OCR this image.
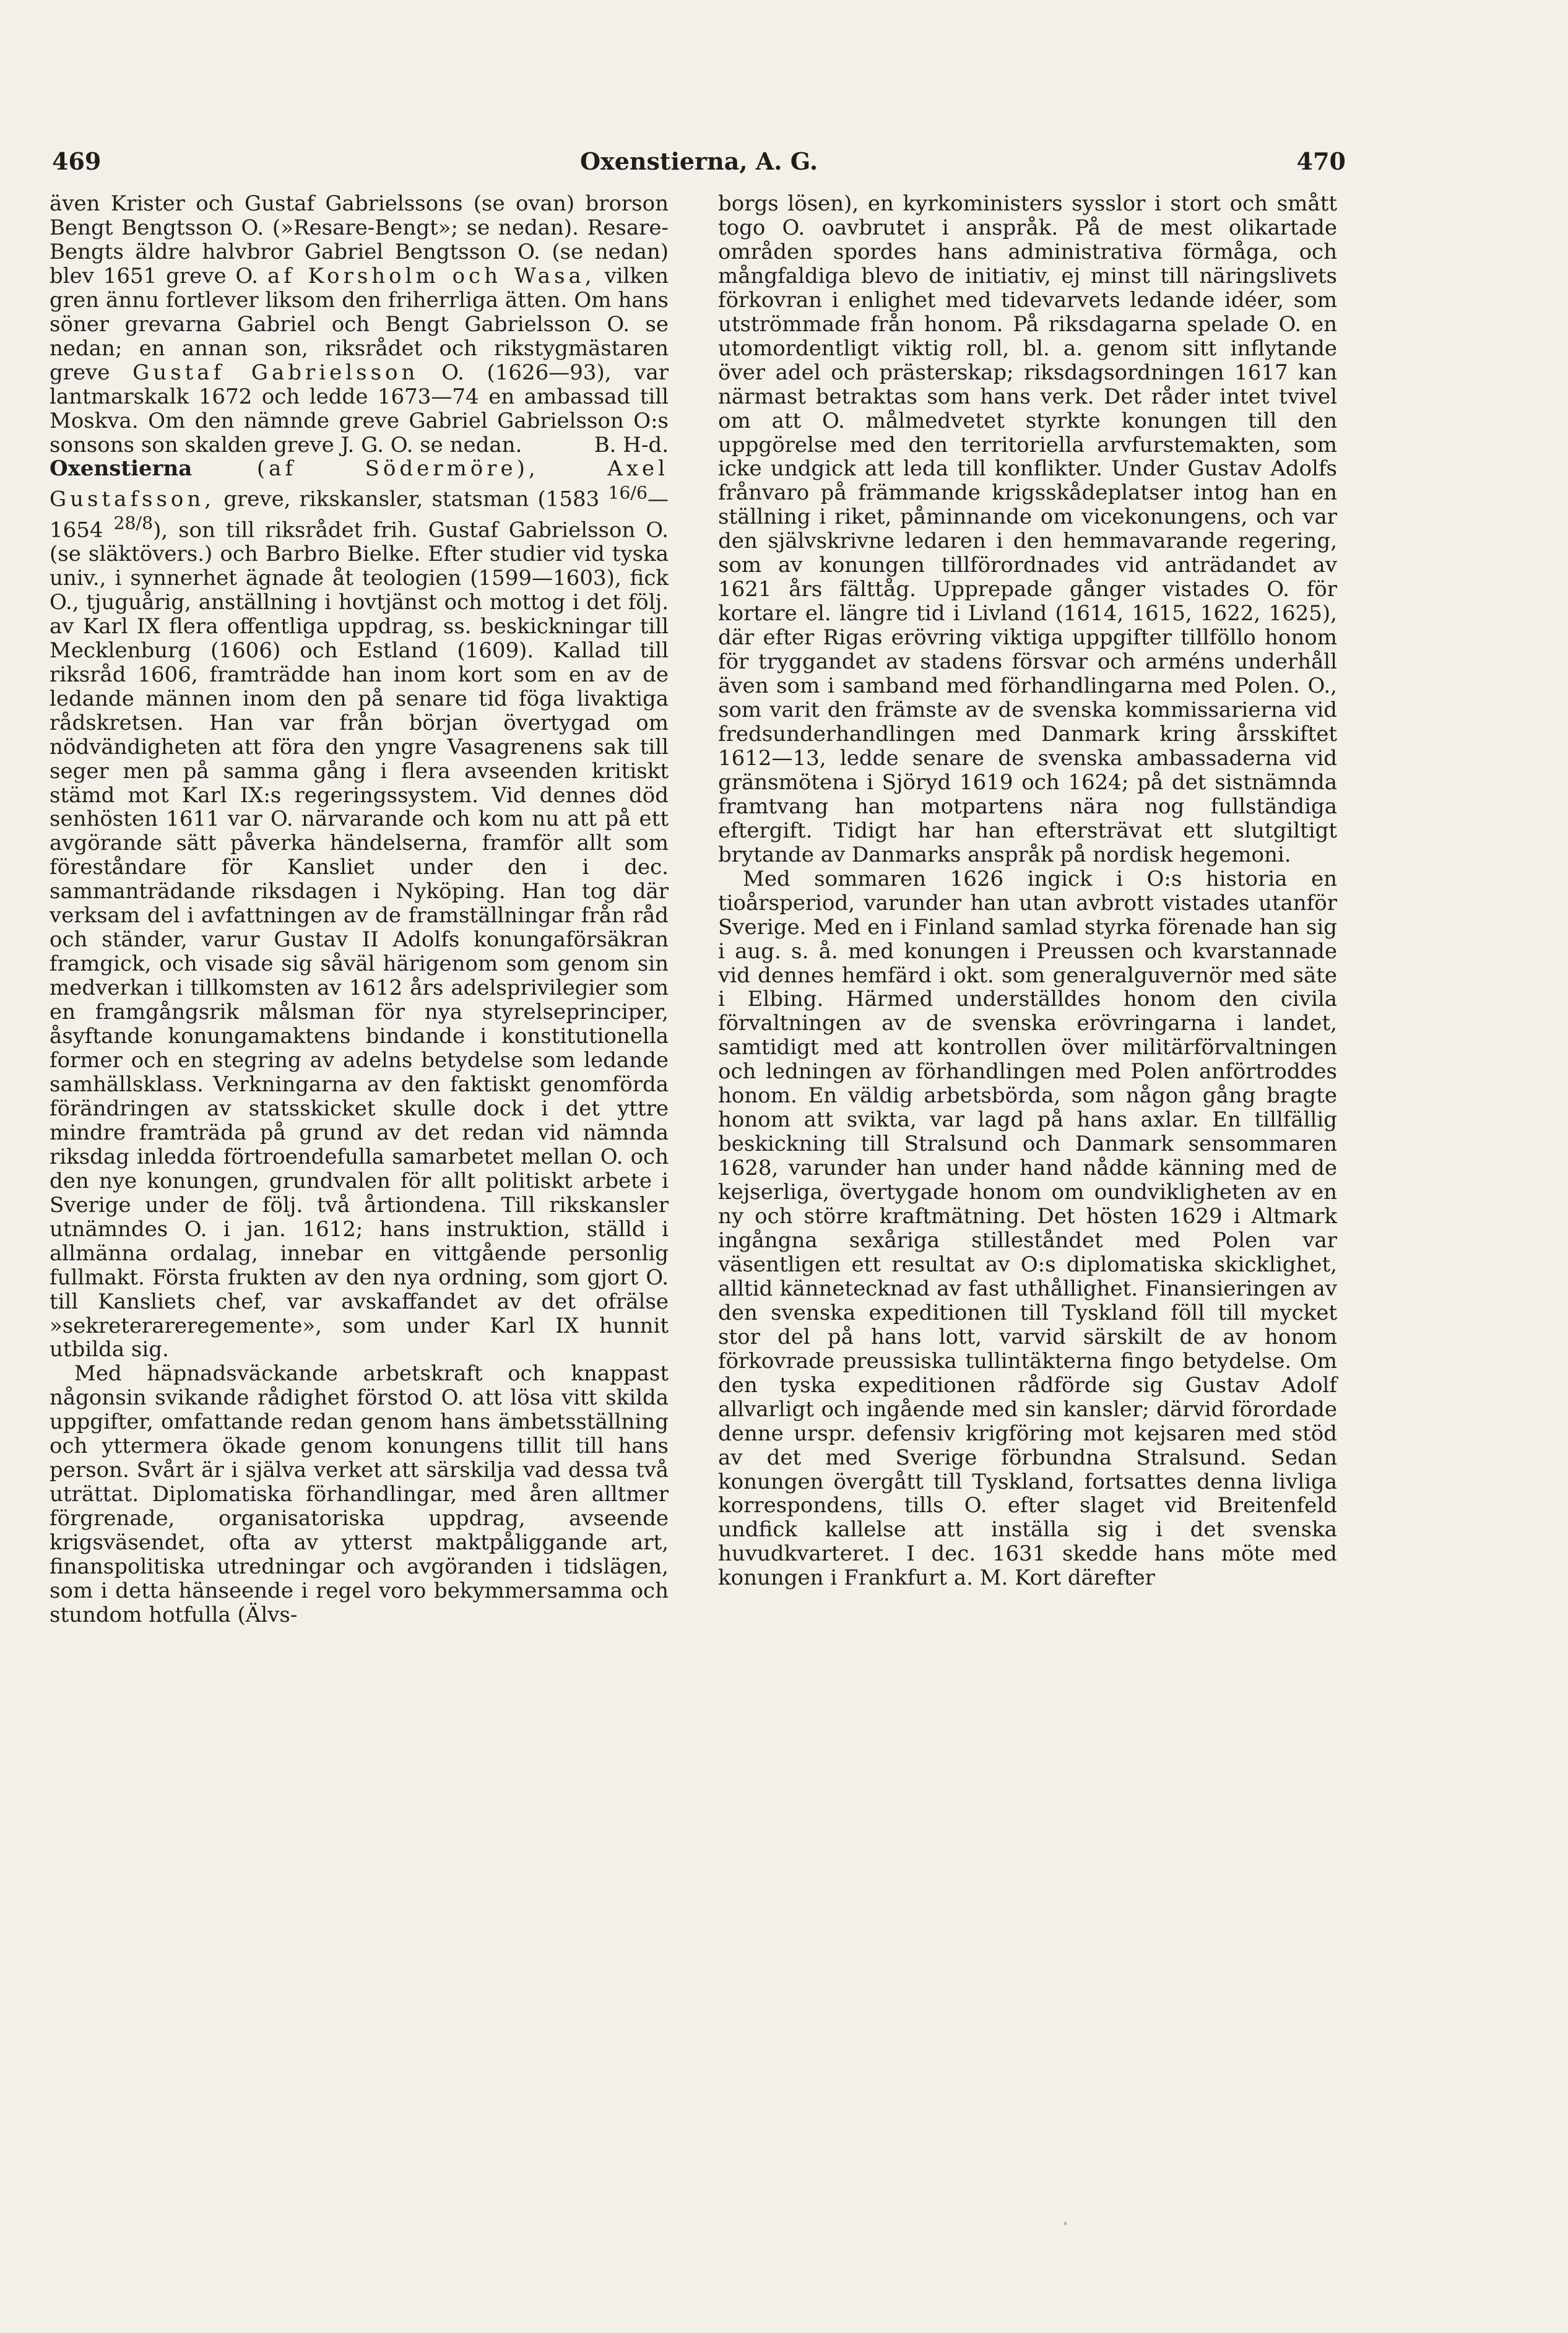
469	Oxenstierna, A. G.	470

även Krister och Gustaf Gabrielssons (se ovan) brorson Bengt Bengtsson O. (»Resare-Bengt»; se nedan). Resare-Bengts äldre halvbror Gabriel Bengtsson O. (se nedan) blev 1651 greve O. af Korsholm och Wasa, vilken gren ännu fortlever liksom den friherrliga ätten. Om hans söner grevarna Gabriel och Bengt Gabrielsson O. se nedan; en annan son, riksrådet och rikstygmästaren greve Gustaf Gabrielsson O. (1626—93), var lantmarskalk 1672 och ledde 1673—74 en ambassad till Moskva. Om den nämnde greve Gabriel Gabrielsson O:s sonsons son skalden greve J. G. O. se nedan.	B. H-d.

Oxenstierna	(af Södermöre), Axel Gustafsson, greve, rikskansler, statsman (1583 $^{16/6}$—1654 $^{28/8}$), son till riksrådet frih. Gustaf Gabrielsson O. (se släktövers.) och Barbro Bielke. Efter studier vid tyska univ., i synnerhet ägnade åt teologien (1599—1603), fick O., tjuguårig, anställning i hovtjänst och mottog i det följ. av Karl IX flera offentliga uppdrag, ss. beskickningar till Mecklenburg (1606) och Estland (1609). Kallad till riksråd 1606, framträdde han inom kort som en av de ledande männen inom den på senare tid föga livaktiga rådskretsen. Han var från början övertygad om nödvändigheten att föra den yngre Vasagrenens sak till seger men på samma gång i flera avseenden kritiskt stämd mot Karl IX:s regeringssystem. Vid dennes död senhösten 1611 var O. närvarande och kom nu att på ett avgörande sätt påverka händelserna, framför allt som föreståndare för Kansliet under den i dec. sammanträdande riksdagen i Nyköping. Han tog där verksam del i avfattningen av de framställningar från råd och ständer, varur Gustav II Adolfs konungaförsäkran framgick, och visade sig såväl härigenom som genom sin medverkan i tillkomsten av 1612 års adelsprivilegier som en framgångsrik målsman för nya styrelseprinciper, åsyftande konungamaktens bindande i konstitutionella former och en stegring av adelns betydelse som ledande samhällsklass. Verkningarna av den faktiskt genomförda förändringen av statsskicket skulle dock i det yttre mindre framträda på grund av det redan vid nämnda riksdag inledda förtroendefulla samarbetet mellan O. och den nye konungen, grundvalen för allt politiskt arbete i Sverige under de följ. två årtiondena. Till rikskansler utnämndes O. i jan. 1612; hans instruktion, ställd i allmänna ordalag, innebar en vittgående personlig fullmakt. Första frukten av den nya ordning, som gjort O. till Kansliets chef, var avskaffandet av det ofrälse »sekreterareregemente», som under Karl IX hunnit utbilda sig.

Med häpnadsväckande arbetskraft och knappast någonsin svikande rådighet förstod O. att lösa vitt skilda uppgifter, omfattande redan genom hans ämbetsställning och yttermera ökade genom konungens tillit till hans person. Svårt är i själva verket att särskilja vad dessa två uträttat. Diplomatiska förhandlingar, med åren alltmer förgrenade, organisatoriska uppdrag, avseende krigsväsendet, ofta av ytterst maktpåliggande art, finanspolitiska utredningar och avgöranden i tidslägen, som i detta hänseende i regel voro bekymmersamma och stundom hotfulla (Älvs-

borgs lösen), en kyrkoministers sysslor i stort och smått togo O. oavbrutet i anspråk. På de mest olikartade områden spordes hans administrativa förmåga, och mångfaldiga blevo de initiativ, ej minst till näringslivets förkovran i enlighet med tidevarvets ledande idéer, som utströmmade från honom. På riksdagarna spelade O. en utomordentligt viktig roll, bl. a. genom sitt inflytande över adel och prästerskap; riksdagsordningen 1617 kan närmast betraktas som hans verk. Det råder intet tvivel om att O. målmedvetet styrkte konungen till den uppgörelse med den territoriella arvfurstemakten, som icke undgick att leda till konflikter. Under Gustav Adolfs frånvaro på främmande krigsskådeplatser intog han en ställning i riket, påminnande om vicekonungens, och var den självskrivne ledaren i den hemmavarande regering, som av konungen tillförordnades vid anträdandet av 1621 års fälttåg. Upprepade gånger vistades O. för kortare el. längre tid i Livland (1614, 1615, 1622, 1625), där efter Rigas erövring viktiga uppgifter tillföllo honom för tryggandet av stadens försvar och arméns underhåll även som i samband med förhandlingarna med Polen. O., som varit den främste av de svenska kommissarierna vid fredsunderhandlingen med Danmark kring årsskiftet 1612—13, ledde senare de svenska ambassaderna vid gränsmötena i Sjöryd 1619 och 1624; på det sistnämnda framtvang han motpartens nära nog fullständiga eftergift. Tidigt har han eftersträvat ett slutgiltigt brytande av Danmarks anspråk på nordisk hegemoni.

Med sommaren 1626 ingick i O:s historia en tioårsperiod, varunder han utan avbrott vistades utanför Sverige. Med en i Finland samlad styrka förenade han sig i aug. s. å. med konungen i Preussen och kvarstannade vid dennes hemfärd i okt. som generalguvernör med säte i Elbing. Härmed underställdes honom den civila förvaltningen av de svenska erövringarna i landet, samtidigt med att kontrollen över militärförvaltningen och ledningen av förhandlingen med Polen anförtroddes honom. En väldig arbetsbörda, som någon gång bragte honom att svikta, var lagd på hans axlar. En tillfällig beskickning till Stralsund och Danmark sensommaren 1628, varunder han under hand nådde känning med de kejserliga, övertygade honom om oundvikligheten av en ny och större kraftmätning. Det hösten 1629 i Altmark ingångna sexåriga stilleståndet med Polen var väsentligen ett resultat av O:s diplomatiska skicklighet, alltid kännetecknad av fast uthållighet. Finansieringen av den svenska expeditionen till Tyskland föll till mycket stor del på hans lott, varvid särskilt de av honom förkovrade preussiska tullintäkterna fingo betydelse. Om den tyska expeditionen rådförde sig Gustav Adolf allvarligt och ingående med sin kansler; därvid förordade denne urspr. defensiv krigföring mot kejsaren med stöd av det med Sverige förbundna Stralsund. Sedan konungen övergått till Tyskland, fortsattes denna livliga korrespondens, tills O. efter slaget vid Breitenfeld undfick kallelse att inställa sig i det svenska huvudkvarteret. I dec. 1631 skedde hans möte med konungen i Frankfurt a. M. Kort därefter
